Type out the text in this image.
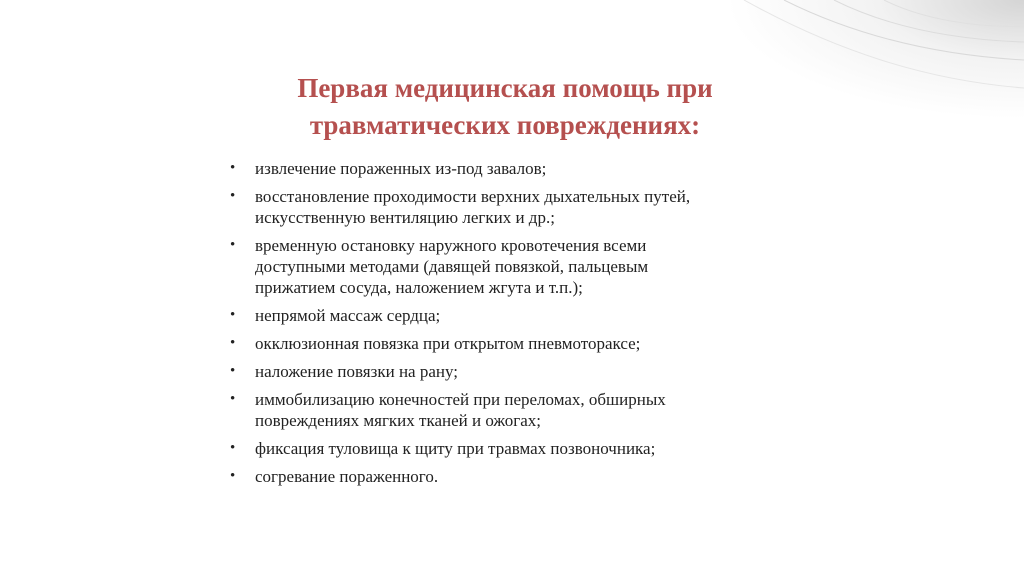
Первая медицинская помощь при
травматических повреждениях:
• извлечение пораженных из-под завалов;
• восстановление проходимости верхних дыхательных путей,
искусственную вентиляцию легких и др.;
• временную остановку наружного кровотечения всеми
доступными методами (давящей повязкой, пальцевым
прижатием сосуда, наложением жгута и т.п.);
• непрямой массаж сердца;
• окклюзионная повязка при открытом пневмотораксе;
• наложение повязки на рану;
• иммобилизацию конечностей при переломах, обширных
повреждениях мягких тканей и ожогах;
• фиксация туловища к щиту при травмах позвоночника;
• согревание пораженного.
